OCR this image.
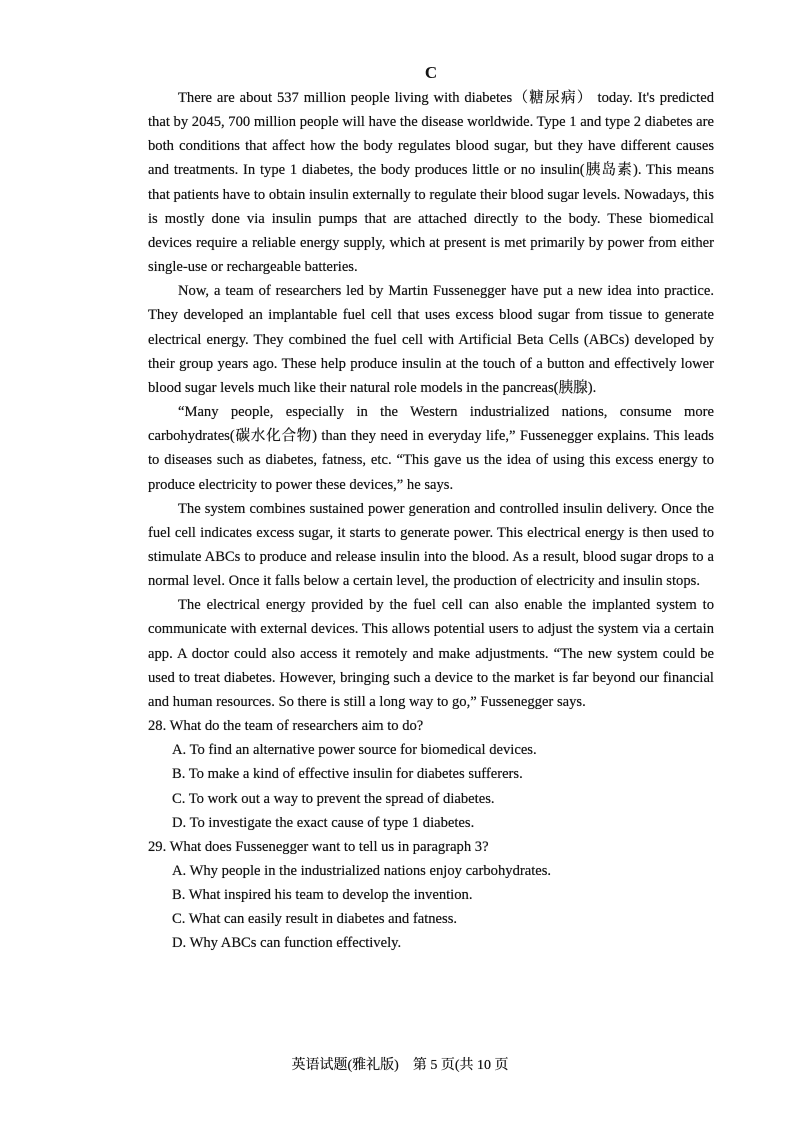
C

There are about 537 million people living with diabetes（糖尿病） today. It's predicted that by 2045, 700 million people will have the disease worldwide. Type 1 and type 2 diabetes are both conditions that affect how the body regulates blood sugar, but they have different causes and treatments. In type 1 diabetes, the body produces little or no insulin(胰岛素). This means that patients have to obtain insulin externally to regulate their blood sugar levels. Nowadays, this is mostly done via insulin pumps that are attached directly to the body. These biomedical devices require a reliable energy supply, which at present is met primarily by power from either single-use or rechargeable batteries.

Now, a team of researchers led by Martin Fussenegger have put a new idea into practice. They developed an implantable fuel cell that uses excess blood sugar from tissue to generate electrical energy. They combined the fuel cell with Artificial Beta Cells (ABCs) developed by their group years ago. These help produce insulin at the touch of a button and effectively lower blood sugar levels much like their natural role models in the pancreas(胰腺).

“Many people, especially in the Western industrialized nations, consume more carbohydrates(碳水化合物) than they need in everyday life,” Fussenegger explains. This leads to diseases such as diabetes, fatness, etc. “This gave us the idea of using this excess energy to produce electricity to power these devices,” he says.

The system combines sustained power generation and controlled insulin delivery. Once the fuel cell indicates excess sugar, it starts to generate power. This electrical energy is then used to stimulate ABCs to produce and release insulin into the blood. As a result, blood sugar drops to a normal level. Once it falls below a certain level, the production of electricity and insulin stops.

The electrical energy provided by the fuel cell can also enable the implanted system to communicate with external devices. This allows potential users to adjust the system via a certain app. A doctor could also access it remotely and make adjustments. “The new system could be used to treat diabetes. However, bringing such a device to the market is far beyond our financial and human resources. So there is still a long way to go,” Fussenegger says.

28. What do the team of researchers aim to do?
A. To find an alternative power source for biomedical devices.
B. To make a kind of effective insulin for diabetes sufferers.
C. To work out a way to prevent the spread of diabetes.
D. To investigate the exact cause of type 1 diabetes.
29. What does Fussenegger want to tell us in paragraph 3?
A. Why people in the industrialized nations enjoy carbohydrates.
B. What inspired his team to develop the invention.
C. What can easily result in diabetes and fatness.
D. Why ABCs can function effectively.
英语试题(雅礼版)　第 5 页(共 10 页
